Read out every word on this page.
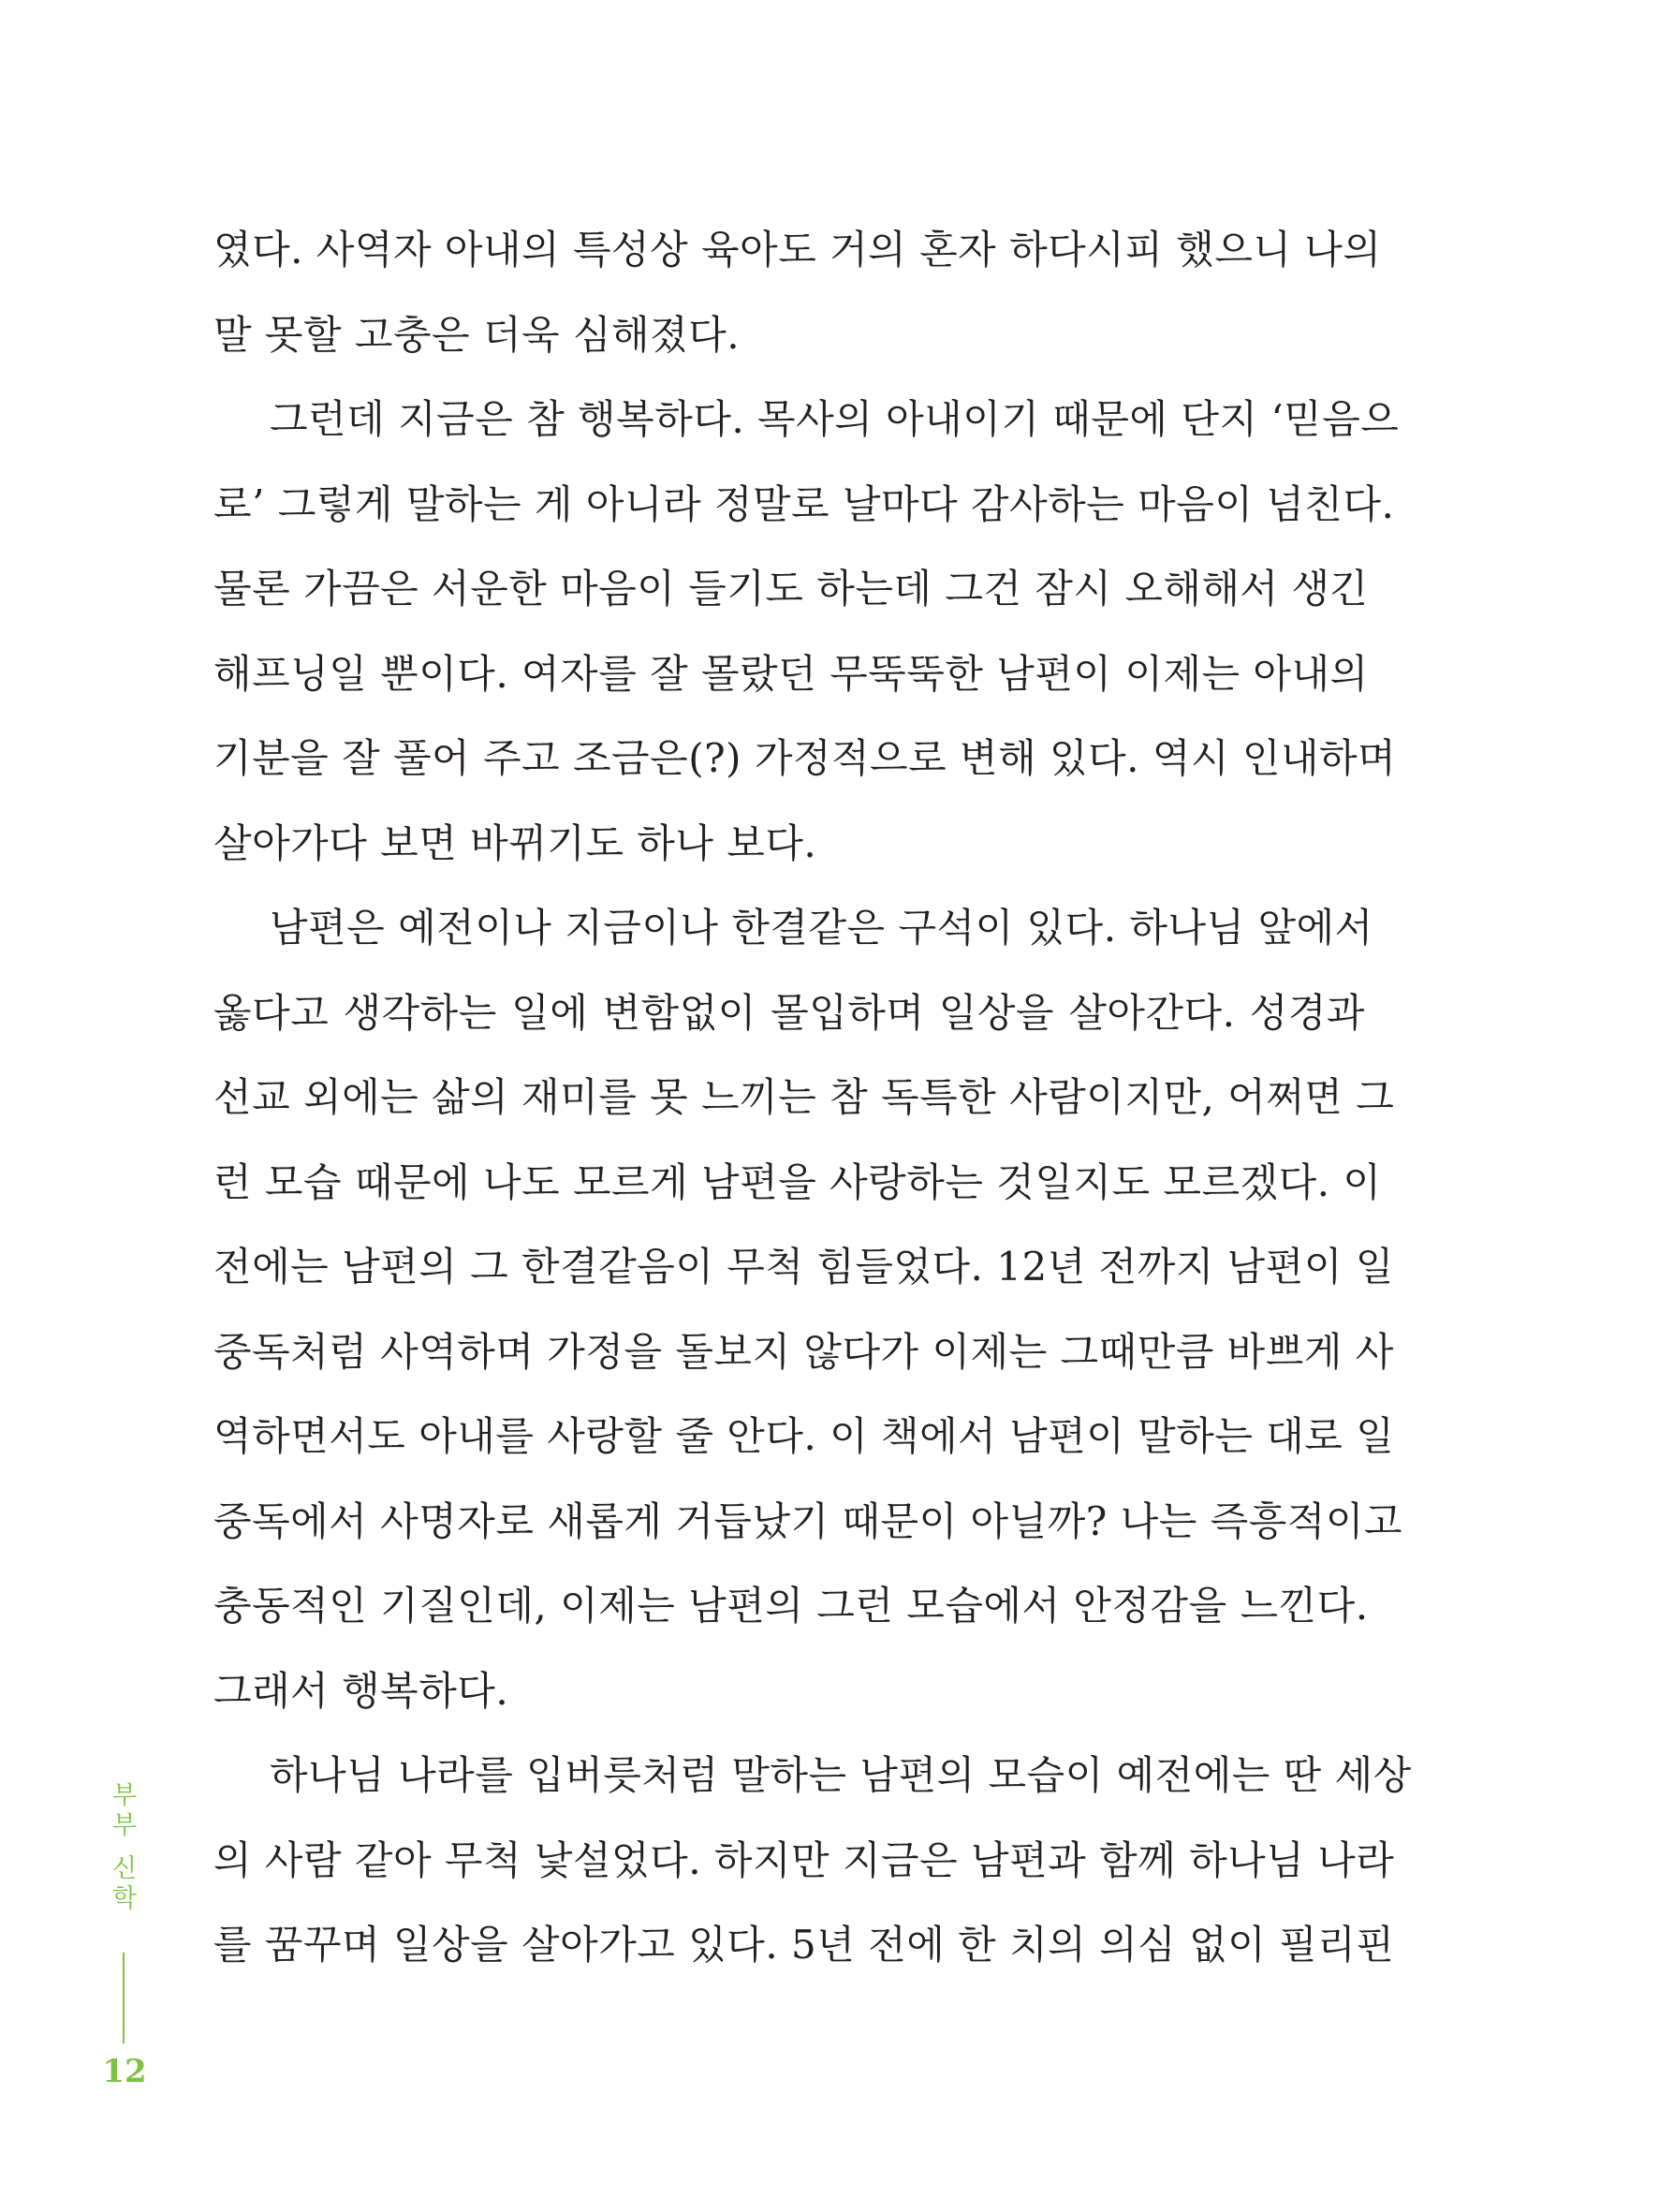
였다. 사역자 아내의 특성상 육아도 거의 혼자 하다시피 했으니 나의
말 못할 고충은 더욱 심해졌다.
그런데 지금은 참 행복하다. 목사의 아내이기 때문에 단지 ‘믿음으
로’ 그렇게 말하는 게 아니라 정말로 날마다 감사하는 마음이 넘친다.
물론 가끔은 서운한 마음이 들기도 하는데 그건 잠시 오해해서 생긴
해프닝일 뿐이다. 여자를 잘 몰랐던 무뚝뚝한 남편이 이제는 아내의
기분을 잘 풀어 주고 조금은(?) 가정적으로 변해 있다. 역시 인내하며
살아가다 보면 바뀌기도 하나 보다.
남편은 예전이나 지금이나 한결같은 구석이 있다. 하나님 앞에서
옳다고 생각하는 일에 변함없이 몰입하며 일상을 살아간다. 성경과
선교 외에는 삶의 재미를 못 느끼는 참 독특한 사람이지만, 어쩌면 그
런 모습 때문에 나도 모르게 남편을 사랑하는 것일지도 모르겠다. 이
전에는 남편의 그 한결같음이 무척 힘들었다. 12년 전까지 남편이 일
중독처럼 사역하며 가정을 돌보지 않다가 이제는 그때만큼 바쁘게 사
역하면서도 아내를 사랑할 줄 안다. 이 책에서 남편이 말하는 대로 일
중독에서 사명자로 새롭게 거듭났기 때문이 아닐까? 나는 즉흥적이고
충동적인 기질인데, 이제는 남편의 그런 모습에서 안정감을 느낀다.
그래서 행복하다.
하나님 나라를 입버릇처럼 말하는 남편의 모습이 예전에는 딴 세상
의 사람 같아 무척 낯설었다. 하지만 지금은 남편과 함께 하나님 나라
를 꿈꾸며 일상을 살아가고 있다. 5년 전에 한 치의 의심 없이 필리핀
부
부
신
학
12
